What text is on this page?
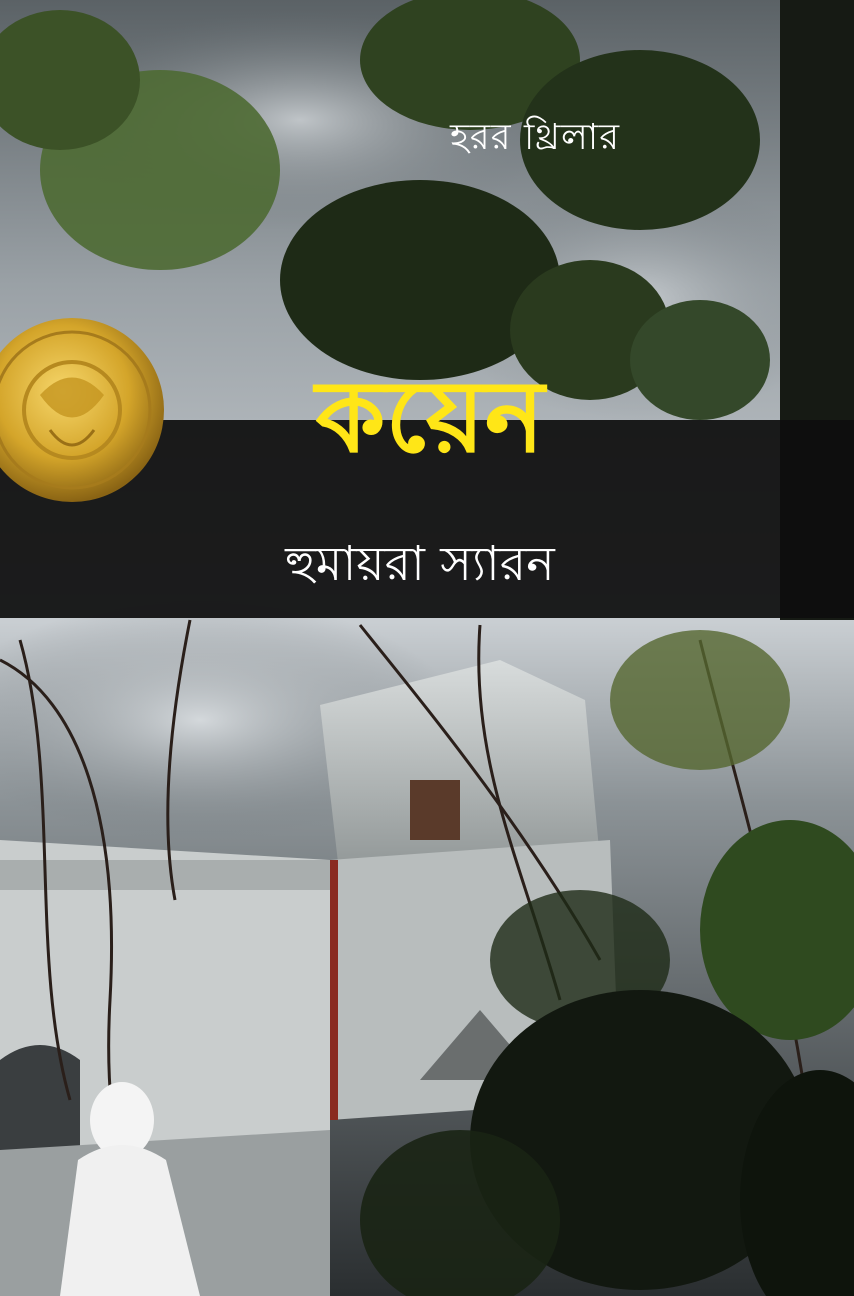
হরর থ্রিলার
কয়েন
হুমায়রা স্যারন
